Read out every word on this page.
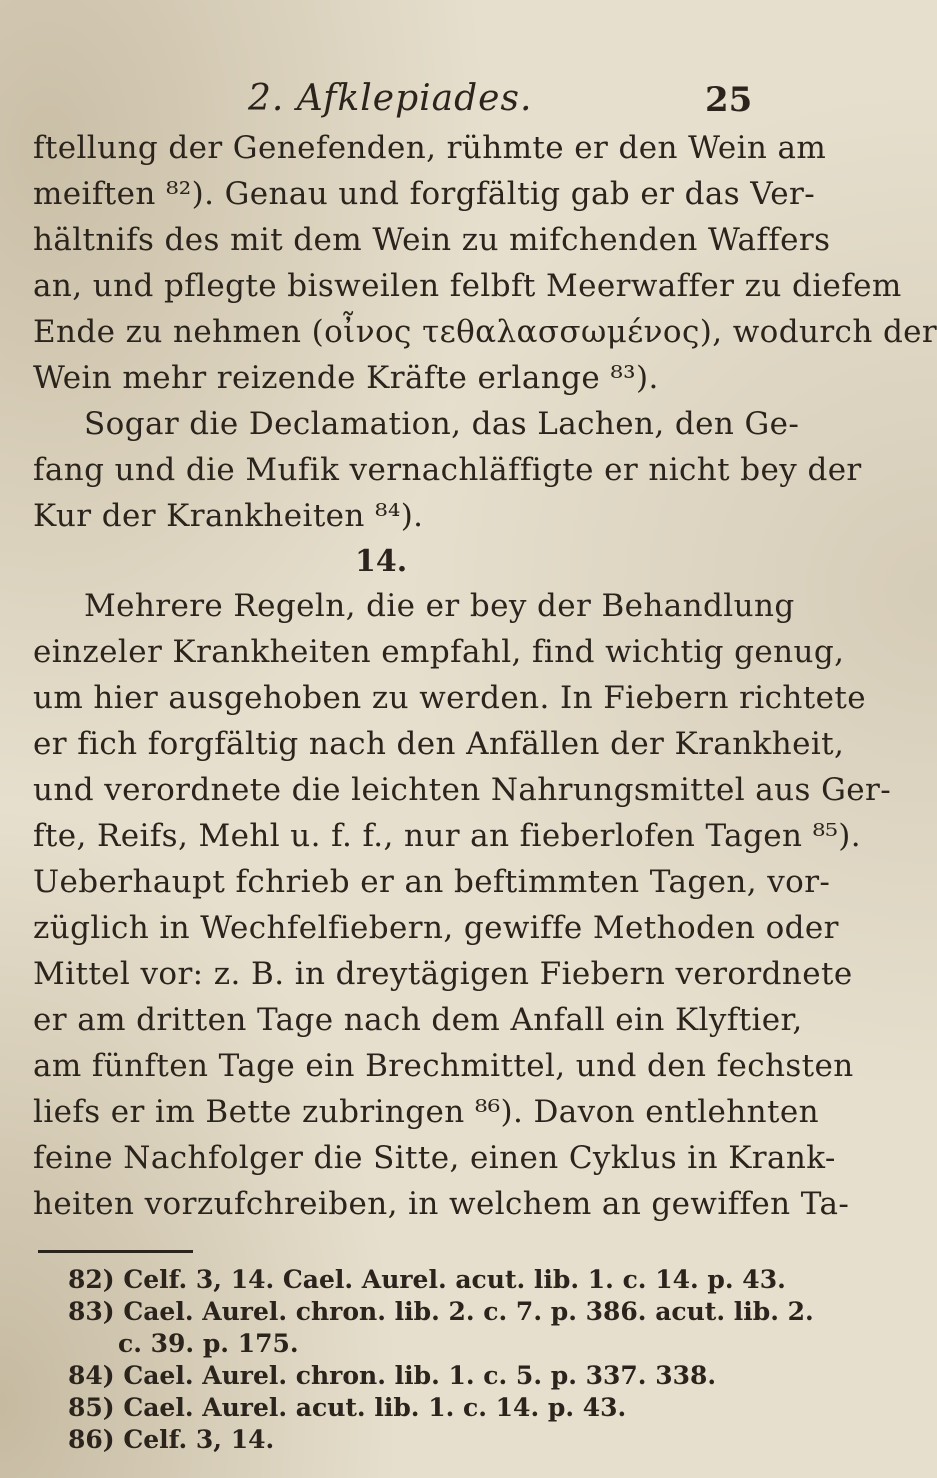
2. Afklepiades.	25
ftellung der Genefenden, rühmte er den Wein am
meiften ⁸²). Genau und forgfältig gab er das Ver-
hältnifs des mit dem Wein zu mifchenden Waffers
an, und pflegte bisweilen felbft Meerwaffer zu diefem
Ende zu nehmen (οἶνος τεθαλασσωμένος), wodurch der
Wein mehr reizende Kräfte erlange ⁸³).
Sogar die Declamation, das Lachen, den Ge-
fang und die Mufik vernachläffigte er nicht bey der
Kur der Krankheiten ⁸⁴).
14.
Mehrere Regeln, die er bey der Behandlung
einzeler Krankheiten empfahl, find wichtig genug,
um hier ausgehoben zu werden. In Fiebern richtete
er fich forgfältig nach den Anfällen der Krankheit,
und verordnete die leichten Nahrungsmittel aus Ger-
fte, Reifs, Mehl u. f. f., nur an fieberlofen Tagen ⁸⁵).
Ueberhaupt fchrieb er an beftimmten Tagen, vor-
züglich in Wechfelfiebern, gewiffe Methoden oder
Mittel vor: z. B. in dreytägigen Fiebern verordnete
er am dritten Tage nach dem Anfall ein Klyftier,
am fünften Tage ein Brechmittel, und den fechsten
liefs er im Bette zubringen ⁸⁶). Davon entlehnten
feine Nachfolger die Sitte, einen Cyklus in Krank-
heiten vorzufchreiben, in welchem an gewiffen Ta-
82) Celf. 3, 14. Cael. Aurel. acut. lib. 1. c. 14. p. 43.
83) Cael. Aurel. chron. lib. 2. c. 7. p. 386. acut. lib. 2.
c. 39. p. 175.
84) Cael. Aurel. chron. lib. 1. c. 5. p. 337. 338.
85) Cael. Aurel. acut. lib. 1. c. 14. p. 43.
86) Celf. 3, 14.
